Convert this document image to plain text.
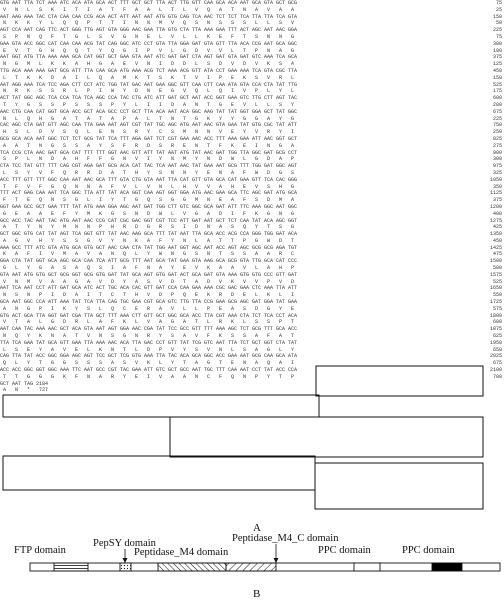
GTG AAT TTA TCT AAA ATC ACA ATA GCA ACT TTT GCT GCT TTA ACT TTG GTT CAA GCA ACA AAT GCA GTA GCT GCG
V   N   L   S   K   I   T   I   A   T   F   A   A   L   T   L   V   Q   A   T   N   A   V   A   A
AAT AAG AAA TAC CTA CAA CAA CCG ACA ACT ATT AAT AAT ATG GTG CAG TCA AAC TCT TCT TCA TTA TTA TCA GTA
N   K   K   Y   L   Q   Q   P   T   T   I   N   N   M   V   Q   S   N   S   S   S   L   L   S   V
AGT CCA AAT CAG TTC ACT GGG TTG AGT GTA GGG AAC GAA TTA GTG CTA TTA AAA GAA TTT ACT AGC AAT AAC GGA
S   P   N   Q   F   T   G   L   S   V   G   N   E   L   V   L   L   K   E   F   T   S   N   N   G
GAA GTA ACC GGC CAT CAA CAA ACG TAT CAG GGC ATC CCT GTA TTA GGA GAT GTA GTT TTA ACA CCG AAT GCA GGC
E   V   T   G   H   Q   Q   T   Y   Q   G   I   P   V   L   G   D   V   V   L   T   P   N   A   G
AAT GGT ATG TTA AAA AAA GCA CAT GGT GCT GAA GTA AAT ATC GAT GAT CTA AGT GAT GTA GAT GTC AAA TCA GCA
N   G   M   L   K   K   A   H   G   A   E   V   N   I   D   D   L   S   D   V   D   V   K   S   A
TTG ACA AAA AAA GAT GCG ATT TTA CAA GCA ATG AAA ACG TCT AAA ACG GTT ATA CCT GAA AAA TCA GTA CGC TTA
L   T   K   K   D   A   I   L   Q   A   M   K   T   S   K   T   V   I   P   E   K   S   V   R   L
AAT AGG AAA TCA TCC AGA CTT CCT ATC TGG TAT GAC AAT GAA GGC GTT CAA CTT CAA ATA GTA CCA CTA TAT TTG
N   R   K   S   S   R   L   P   I   W   Y   D   N   E   G   V   Q   L   Q   I   V   P   L   Y   L
ACT TAT GGC AGC TCA CCA TCA TCA AGC CCA TAC CTG ATC ATT GAT GCT AAT ACC GGT GAA GTC TTG CTT AGT TAC
T   Y   G   S   S   P   S   S   S   P   Y   L   I   I   D   A   N   T   G   E   V   L   L   S   Y
AAC CTG CAA CAT GGT GCA ACC GCT ACA GCC CCT GCT TTA ACA AAT ACA GGC AAG TAT TAT GGT GGA GCT TAT GGC
N   L   Q   H   G   A   T   A   T   A   P   A   L   T   N   T   G   K   Y   Y   G   G   A   Y   G
CAC AGC CTA GAT GTT AGC CAA TTA GAA AAT AGT CGT TAT TGC AGC ATG AAT AAC GTA GAA TAT GTG CGC TAT ATT
H   S   L   D   V   S   Q   L   E   N   S   R   Y   C   S   M   N   N   V   E   Y   V   R   Y   I
GCG GCA ACA AAT GGC TCT TCT GCG TAT TCA TTT AGA GAT TCT CGT GAA AAC ACC TTT AAA GAA ATT AAC GGT GCT
A   A   T   N   G   S   S   A   Y   S   F   R   D   S   R   E   N   T   F   K   E   I   N   G   A
TCA CCG CTA AAC GAT GCA CAT TTT TTT GGT AAC GTT ATT TAT AAT ATG TAT AAC GAT TGG TTA GGC GAT GCG CCT
S   P   L   N   D   A   H   F   F   G   N   V   I   Y   N   M   Y   N   D   W   L   G   D   A   P
CTA TCC TAT GTT TTT CAG CGT AGA GAT GCG ACA CAT TAC TCA AAT AAC TAT GAA AAT GCG TTT TGG GAT GGC AGT
L   S   Y   V   F   Q   R   R   D   A   T   H   Y   S   N   N   Y   E   N   A   F   W   D   G   S
ACC TTT GTT TTT GGC CAA AAT AAC GCA TTT GTA CTG GTA AAT TTA CAT GTT GTA GCA CAT GAA GTT TCA CAC GGG
T   F   V   F   G   Q   N   N   A   F   V   L   V   N   L   H   V   V   A   H   E   V   S   H   G
TTT ACT GAG CAA AAT TCA GGC TTA ATT TAT ACA GGT CAA AGT GGT GGA ATG AAC GAA GCA TTC AGC GAT ATG GCA
F   T   E   Q   N   S   G   L   I   Y   T   G   Q   S   G   G   M   N   E   A   F   S   D   M   A
GGT GAA GCC GCT GAA TTT TAT ATG AAA GGA AGC AAT GAT TGG CTT GTC GGC GCA GAT ATT TTC AAA GGC AAT GGC
G   E   A   A   E   F   Y   M   K   G   S   N   D   W   L   V   G   A   D   I   F   K   G   N   G
GCC ACC TAC AAT TAC ATG AAT AAC CCG CAT CGC GAC GGT CGT TCC ATT GAT AAT GCT TCT CAA TAT ACA AGC GGT
A   T   Y   N   Y   M   N   N   P   H   R   D   G   R   S   I   D   N   A   S   Q   Y   T   S   G
GCT GGC GTG CAT TAT AGT TCA GGT GTT TAT AAC AAG GCA TTT TAT AAT TTA GCA ACC ACG CCA GGG TGG GAT ACA
A   G   V   H   Y   S   S   G   V   Y   N   K   A   F   Y   N   L   A   T   T   P   G   W   D   T
AAA GCC TTT ATC GTA ATG GCA GTG GCT AAC CAA CTA TAT TGG AAT GGT AGC AAT ACC AGT AGC GCG GCG AGA TGT
K   A   F   I   V   M   A   V   A   N   Q   L   Y   W   N   G   S   N   T   S   S   A   A   R   C
GGA CTA TAT GGT GCA AGC GCA CAA TCA ATT GCG TTT AAT GCA TAT GAA GTA AAG GCA GCG GTA TTG GCA CAT CCC
G   L   Y   G   A   S   A   Q   S   I   A   F   N   A   Y   E   V   K   A   A   V   L   A   H   P
GTA AAT ATG GTG GCT GCG GGT GCG GTG GAT TAT GCA AGT GTG GAT ACT GCA GAT GTA AAA GTG GTG CCC GTT GAT
V   N   M   V   A   A   G   A   V   D   Y   A   S   V   D   T   A   D   V   K   V   V   P   V   D
AAT TCA AAT CCT ATT GAT GCA ATC ACT TGC ACA CAC GTT GAT CCA CAA GAA AAA CGC GAC GAA CTC AAA TTA ATT
N   S   N   P   I   D   A   I   T   C   T   H   V   D   P   Q   E   K   R   D   E   L   K   L   I
GCA AAT GGC CCA ATT AAA TAT TCA TTA CAG TGC GAA CGT GCA GTC TTG TTA CCG GAA GCG AGC GAT GGA TAT GAA
A   N   G   P   I   K   Y   S   L   Q   C   E   R   A   V   L   L   P   E   A   S   D   G   Y   E
GTG ACT GCA TTA GGT GAT CGA TTA GCT TTT AAA CTT GTT GCT GGC GCA ACC TTA CGT AAA CTA TCT TCA CCT ACA
V   T   A   L   G   D   R   L   A   F   K   L   V   A   G   A   T   L   R   K   L   S   S   P   T
AAT CAA TAC AAA AAC GCT ACA GTA AAT AGT GGA AAC CGA TAT TCC GCC GTT TTT AAA AGC TCT GCG TTT GCA ACC
N   Q   Y   K   N   A   T   V   N   S   G   N   R   Y   S   A   V   F   K   S   S   A   F   A   T
TTA TCA GAA TAT GCA GTT GAA TTA AAA AAC ACA TTA GAC CCT GTT TAT TCG GTC AAT TTA TCT GCT GGT CTA TAT
L   S   E   Y   A   V   E   L   K   N   T   L   D   P   V   Y   S   V   N   L   S   A   G   L   Y
CAG TTA TAT ACC GGC GGA AGC AGT TCC GCT TCG GTG AAA TTA TAC ACA GCA GGC ACC GAA AAT GCG CAA GCA ATA
Q   L   Y   T   G   G   S   S   S   A   S   V   K   L   Y   T   A   G   T   E   N   A   Q   A   I
ACC ACC GGC GGT GGC AAA TTC AAT GCC CGT TAC GAA ATT GTC GCT GCC AAT TGC TTT CAA AAT CCT TAT ACC CCA
T   T   G   G   G   K   F   N   A   R   Y   E   I   V   A   A   N   C   F   Q   N   P   Y   T   P
GCT AAT TAG 2184
A   N   *   727
75
25
150
50
225
75
300
100
375
125
450
150
525
175
600
200
675
225
750
250
825
275
900
300
975
325
1050
350
1125
375
1200
400
1275
425
1350
450
1425
475
1500
500
1575
525
1650
550
1725
575
1800
600
1875
625
1950
650
2025
675
2100
700

A
FTP domain
PepSY domain
Peptidase_M4 domain
Peptidase_M4_C domain
PPC domain	PPC domain
B
